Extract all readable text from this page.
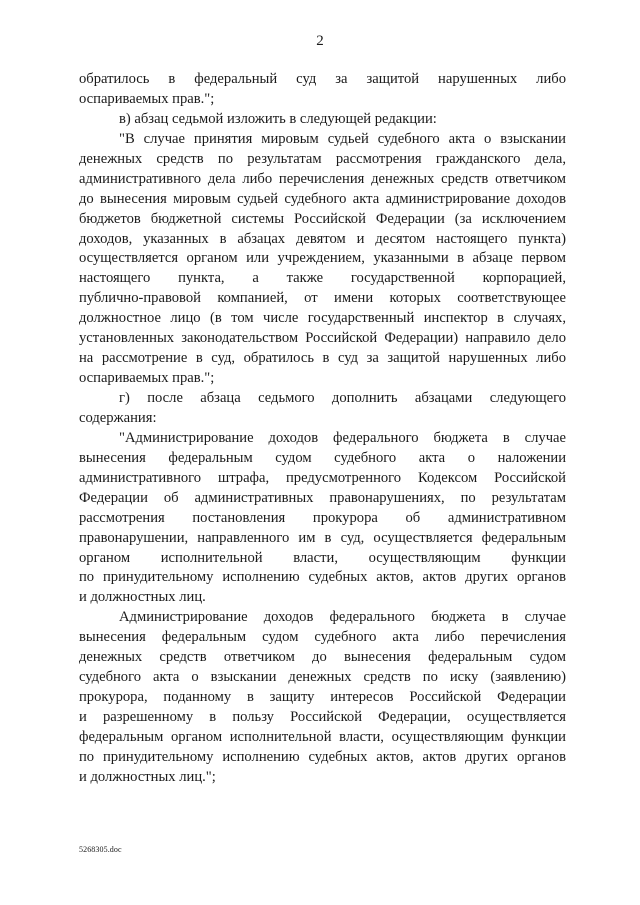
2
обратилось в федеральный суд за защитой нарушенных либо
оспариваемых прав.";
в) абзац седьмой изложить в следующей редакции:
"В случае принятия мировым судьей судебного акта о взыскании
денежных средств по результатам рассмотрения гражданского дела,
административного дела либо перечисления денежных средств ответчиком
до вынесения мировым судьей судебного акта администрирование доходов
бюджетов бюджетной системы Российской Федерации (за исключением
доходов, указанных в абзацах девятом и десятом настоящего пункта)
осуществляется органом или учреждением, указанными в абзаце первом
настоящего пункта, а также государственной корпорацией,
публично-правовой компанией, от имени которых соответствующее
должностное лицо (в том числе государственный инспектор в случаях,
установленных законодательством Российской Федерации) направило дело
на рассмотрение в суд, обратилось в суд за защитой нарушенных либо
оспариваемых прав.";
г) после абзаца седьмого дополнить абзацами следующего
содержания:
"Администрирование доходов федерального бюджета в случае
вынесения федеральным судом судебного акта о наложении
административного штрафа, предусмотренного Кодексом Российской
Федерации об административных правонарушениях, по результатам
рассмотрения постановления прокурора об административном
правонарушении, направленного им в суд, осуществляется федеральным
органом исполнительной власти, осуществляющим функции
по принудительному исполнению судебных актов, актов других органов
и должностных лиц.
Администрирование доходов федерального бюджета в случае
вынесения федеральным судом судебного акта либо перечисления
денежных средств ответчиком до вынесения федеральным судом
судебного акта о взыскании денежных средств по иску (заявлению)
прокурора, поданному в защиту интересов Российской Федерации
и разрешенному в пользу Российской Федерации, осуществляется
федеральным органом исполнительной власти, осуществляющим функции
по принудительному исполнению судебных актов, актов других органов
и должностных лиц.";
5268305.doc
